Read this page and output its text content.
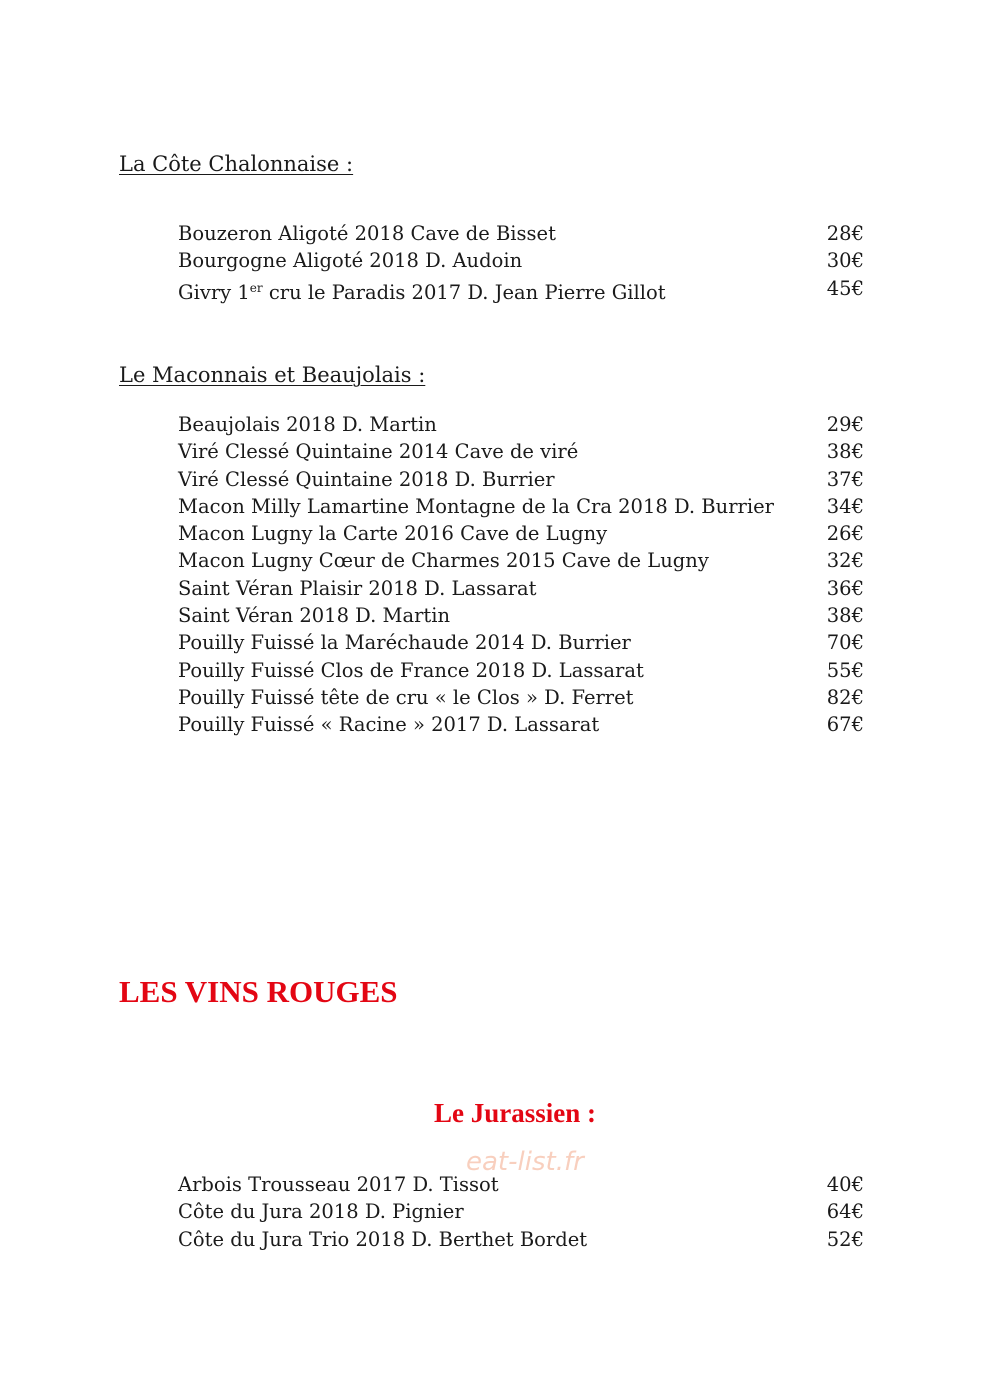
La Côte Chalonnaise :
Bouzeron Aligoté 2018 Cave de Bisset	28€
Bourgogne Aligoté 2018 D. Audoin	30€
Givry 1er cru le Paradis 2017 D. Jean Pierre Gillot	45€
Le Maconnais et Beaujolais :
Beaujolais 2018 D. Martin	29€
Viré Clessé Quintaine 2014 Cave de viré	38€
Viré Clessé Quintaine 2018 D. Burrier	37€
Macon Milly Lamartine Montagne de la Cra 2018 D. Burrier	34€
Macon Lugny la Carte 2016 Cave de Lugny	26€
Macon Lugny Cœur de Charmes 2015 Cave de Lugny	32€
Saint Véran Plaisir 2018 D. Lassarat	36€
Saint Véran 2018 D. Martin	38€
Pouilly Fuissé la Maréchaude 2014 D. Burrier	70€
Pouilly Fuissé Clos de France 2018 D. Lassarat	55€
Pouilly Fuissé tête de cru « le Clos » D. Ferret	82€
Pouilly Fuissé « Racine » 2017 D. Lassarat	67€
LES VINS ROUGES
Le Jurassien :
eat-list.fr
Arbois Trousseau 2017 D. Tissot	40€
Côte du Jura 2018 D. Pignier	64€
Côte du Jura Trio 2018 D. Berthet Bordet	52€
